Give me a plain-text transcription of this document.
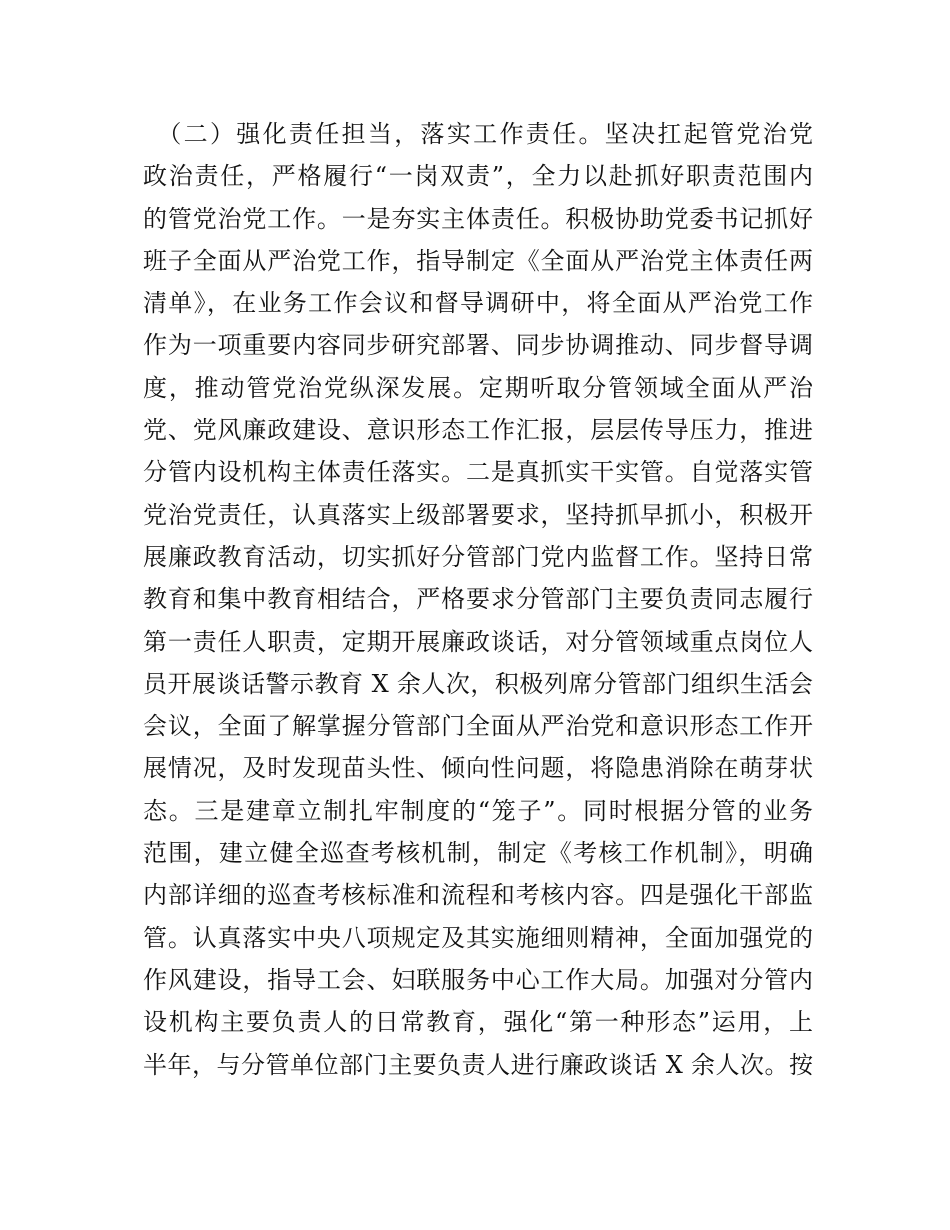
　（二）强化责任担当，落实工作责任。坚决扛起管党治党
政治责任，严格履行“一岗双责”，全力以赴抓好职责范围内
的管党治党工作。一是夯实主体责任。积极协助党委书记抓好
班子全面从严治党工作，指导制定《全面从严治党主体责任两
清单》，在业务工作会议和督导调研中，将全面从严治党工作
作为一项重要内容同步研究部署、同步协调推动、同步督导调
度，推动管党治党纵深发展。定期听取分管领域全面从严治
党、党风廉政建设、意识形态工作汇报，层层传导压力，推进
分管内设机构主体责任落实。二是真抓实干实管。自觉落实管
党治党责任，认真落实上级部署要求，坚持抓早抓小，积极开
展廉政教育活动，切实抓好分管部门党内监督工作。坚持日常
教育和集中教育相结合，严格要求分管部门主要负责同志履行
第一责任人职责，定期开展廉政谈话，对分管领域重点岗位人
员开展谈话警示教育 X 余人次，积极列席分管部门组织生活会
会议，全面了解掌握分管部门全面从严治党和意识形态工作开
展情况，及时发现苗头性、倾向性问题，将隐患消除在萌芽状
态。三是建章立制扎牢制度的“笼子”。同时根据分管的业务
范围，建立健全巡查考核机制，制定《考核工作机制》，明确
内部详细的巡查考核标准和流程和考核内容。四是强化干部监
管。认真落实中央八项规定及其实施细则精神，全面加强党的
作风建设，指导工会、妇联服务中心工作大局。加强对分管内
设机构主要负责人的日常教育，强化“第一种形态”运用，上
半年，与分管单位部门主要负责人进行廉政谈话 X 余人次。按
